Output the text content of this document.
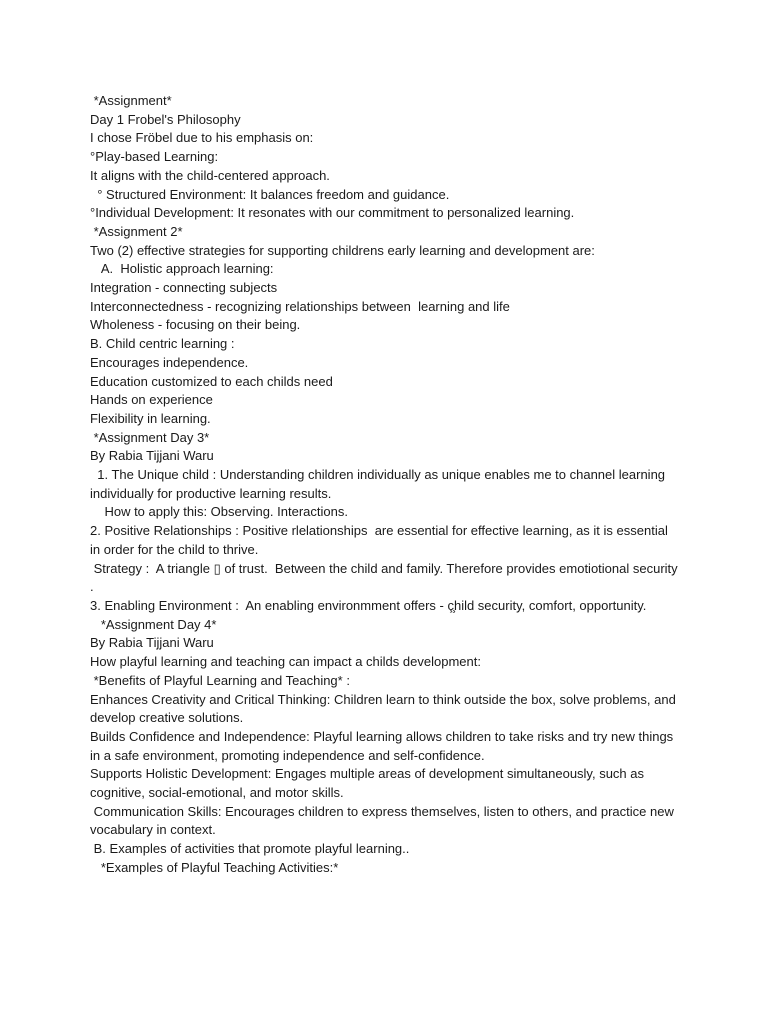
*Assignment*

Day 1 Frobel's Philosophy

I chose Fröbel due to his emphasis on:

°Play-based Learning:

It aligns with the child-centered approach.

° Structured Environment: It balances freedom and guidance.

°Individual Development: It resonates with our commitment to personalized learning.

*Assignment 2*

Two (2) effective strategies for supporting childrens early learning and development are:

A.  Holistic approach learning:

Integration - connecting subjects

Interconnectedness - recognizing relationships between  learning and life

Wholeness - focusing on their being.

B. Child centric learning :

Encourages independence.

Education customized to each childs need

Hands on experience

Flexibility in learning.

*Assignment Day 3*

By Rabia Tijjani Waru

1. The Unique child : Understanding children individually as unique enables me to channel learning individually for productive learning results.

How to apply this: Observing. Interactions.

2. Positive Relationships : Positive rlelationships  are essential for effective learning, as it is essential in order for the child to thrive.

Strategy :  A triangle ▯ of trust.  Between the child and family. Therefore provides emotiotional security .

3. Enabling Environment :  An enabling environmment offers - ç̧hild security, comfort, opportunity.

*Assignment Day 4*

By Rabia Tijjani Waru

How playful learning and teaching can impact a childs development:

*Benefits of Playful Learning and Teaching* :

Enhances Creativity and Critical Thinking: Children learn to think outside the box, solve problems, and develop creative solutions.

Builds Confidence and Independence: Playful learning allows children to take risks and try new things in a safe environment, promoting independence and self-confidence.

Supports Holistic Development: Engages multiple areas of development simultaneously, such as cognitive, social-emotional, and motor skills.

Communication Skills: Encourages children to express themselves, listen to others, and practice new vocabulary in context.

B. Examples of activities that promote playful learning..

*Examples of Playful Teaching Activities:*
